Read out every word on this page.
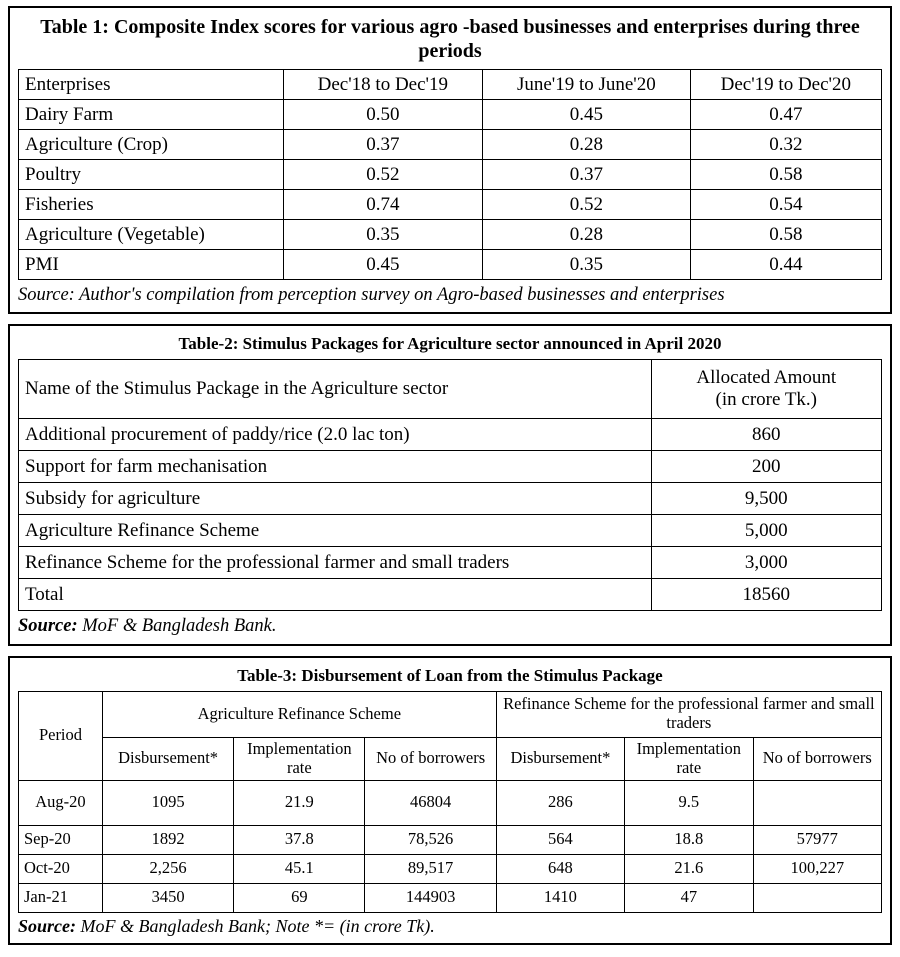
Table 1: Composite Index scores for various agro -based businesses and enterprises during three periods
Enterprises	Dec'18 to Dec'19	June'19 to June'20	Dec'19 to Dec'20
Dairy Farm	0.50	0.45	0.47
Agriculture (Crop)	0.37	0.28	0.32
Poultry	0.52	0.37	0.58
Fisheries	0.74	0.52	0.54
Agriculture (Vegetable)	0.35	0.28	0.58
PMI	0.45	0.35	0.44
Source: Author's compilation from perception survey on Agro-based businesses and enterprises
Table-2: Stimulus Packages for Agriculture sector announced in April 2020
Name of the Stimulus Package in the Agriculture sector	Allocated Amount
(in crore Tk.)

Additional procurement of paddy/rice (2.0 lac ton)	860
Support for farm mechanisation	200
Subsidy for agriculture	9,500
Agriculture Refinance Scheme	5,000
Refinance Scheme for the professional farmer and small traders	3,000
Total	18560
Source: MoF & Bangladesh Bank.
Table-3: Disbursement of Loan from the Stimulus Package
Period	Agriculture Refinance Scheme			Refinance Scheme for the professional farmer and small traders		
	Disbursement*	Implementation rate	No of borrowers	Disbursement*	Implementation rate	No of borrowers
Aug-20	1095	21.9	46804	286	9.5	
Sep-20	1892	37.8	78,526	564	18.8	57977
Oct-20	2,256	45.1	89,517	648	21.6	100,227
Jan-21	3450	69	144903	1410	47	
Source: MoF & Bangladesh Bank; Note *= (in crore Tk).
